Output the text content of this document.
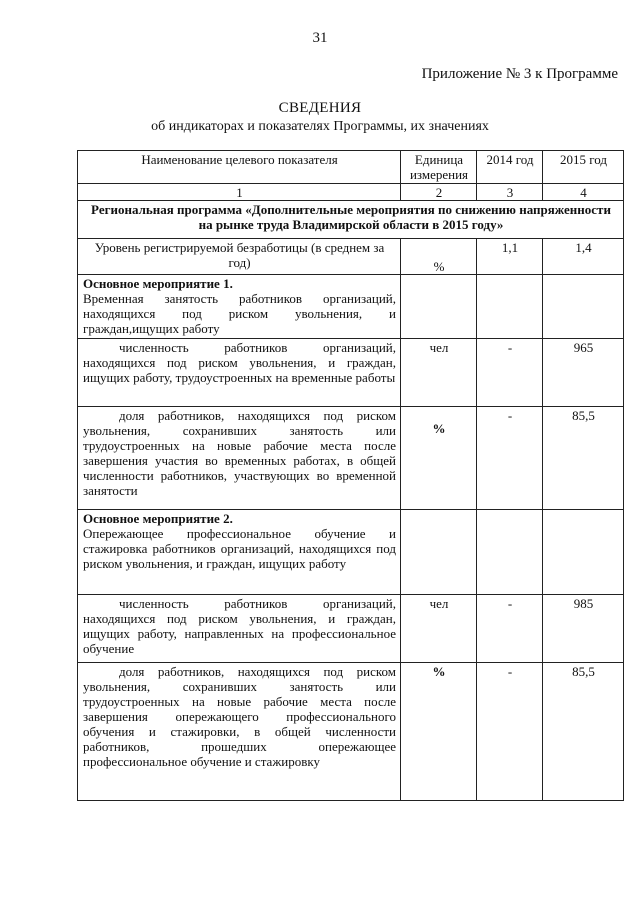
31
Приложение № 3 к Программе
СВЕДЕНИЯ
об индикаторах и показателях Программы, их значениях
Наименование целевого показателя	Единица измерения	2014 год	2015 год
1	2	3	4
Региональная программа «Дополнительные мероприятия по снижению напряженности на рынке труда Владимирской области в 2015 году»			
Уровень регистрируемой безработицы (в среднем за год)	%	1,1	1,4

Основное мероприятие 1.
Временная занятость работников организаций, находящихся под риском увольнения, и граждан,ищущих работу			

численность работников организаций, находящихся под риском увольнения, и граждан, ищущих работу, трудоустроенных на временные работы	чел	-	965
доля работников, находящихся под риском увольнения, сохранивших занятость или трудоустроенных на новые рабочие места после завершения участия во временных работах, в общей численности работников, участвующих во временной занятости	%	-	85,5

Основное мероприятие 2.
Опережающее профессиональное обучение и стажировка работников организаций, находящихся под риском увольнения, и граждан, ищущих работу			

численность работников организаций, находящихся под риском увольнения, и граждан, ищущих работу, направленных на профессиональное обучение	чел	-	985
доля работников, находящихся под риском увольнения, сохранивших занятость или трудоустроенных на новые рабочие места после завершения опережающего профессионального обучения и стажировки, в общей численности работников, прошедших опережающее профессиональное обучение и стажировку	%	-	85,5
